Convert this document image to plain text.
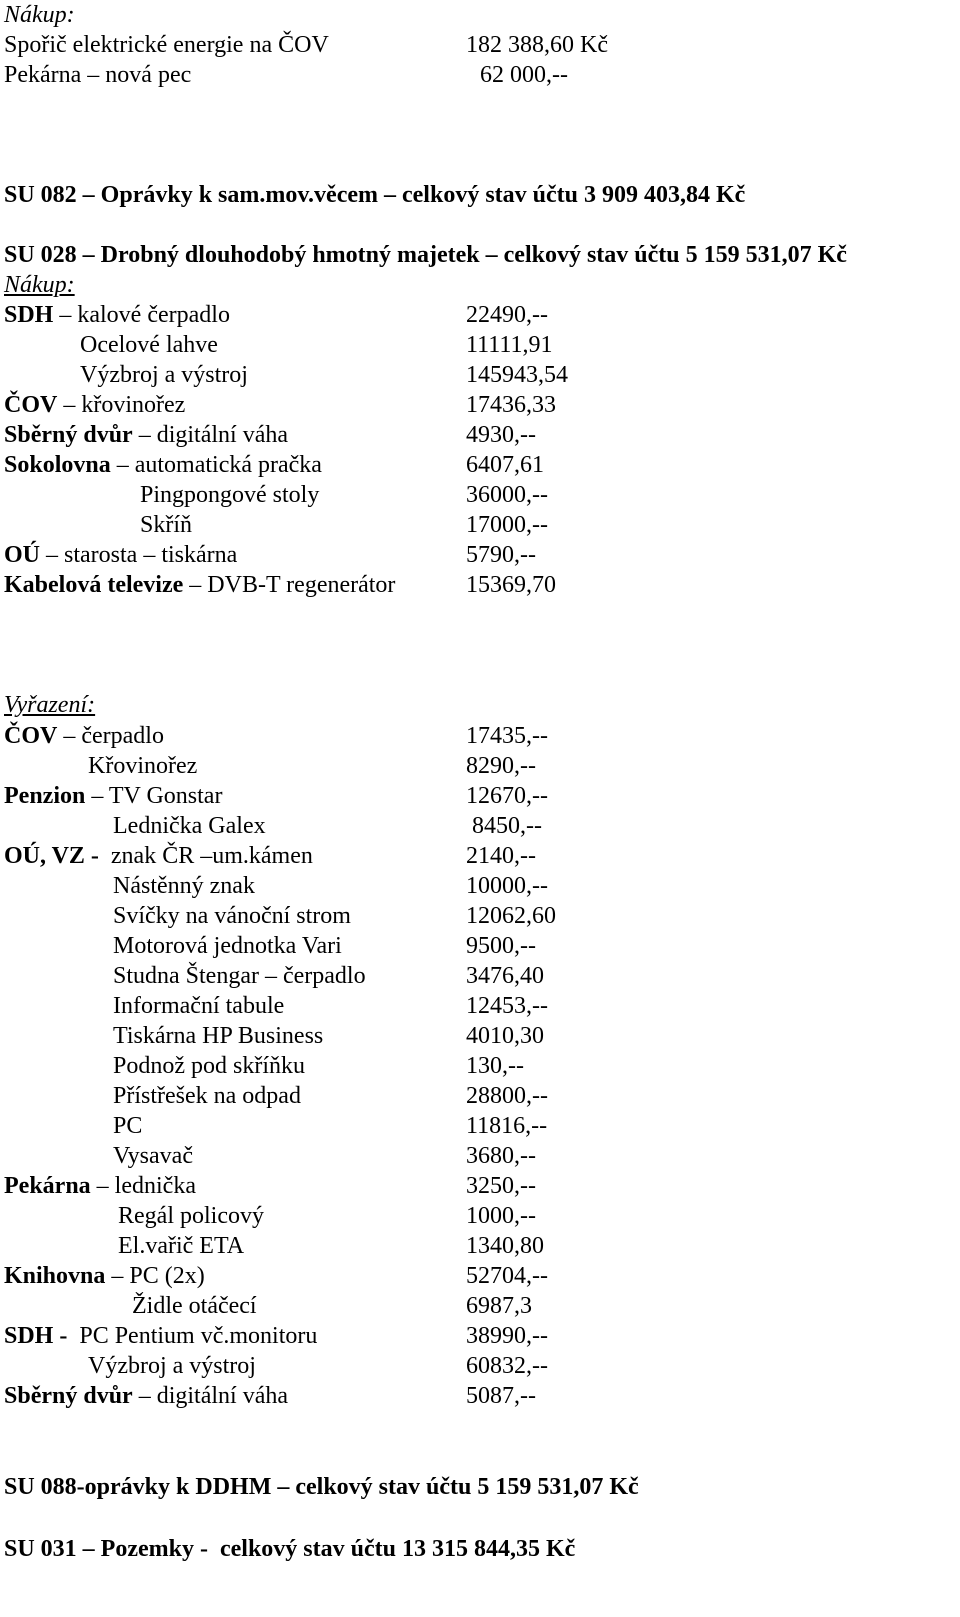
Nákup:
Spořič elektrické energie na ČOV	182 388,60 Kč
Pekárna – nová pec	62 000,--
SU 082 – Oprávky k sam.mov.věcem – celkový stav účtu 3 909 403,84 Kč
SU 028 – Drobný dlouhodobý hmotný majetek – celkový stav účtu 5 159 531,07 Kč
Nákup:
SDH – kalové čerpadlo	22490,--
Ocelové lahve	11111,91
Výzbroj a výstroj	145943,54
ČOV – křovinořez	17436,33
Sběrný dvůr – digitální váha	4930,--
Sokolovna – automatická pračka	6407,61
Pingpongové stoly	36000,--
Skříň	17000,--
OÚ – starosta – tiskárna	5790,--
Kabelová televize – DVB-T regenerátor	15369,70
Vyřazení:
ČOV – čerpadlo	17435,--
Křovinořez	8290,--
Penzion – TV Gonstar	12670,--
Lednička Galex	8450,--
OÚ, VZ -  znak ČR –um.kámen	2140,--
Nástěnný znak	10000,--
Svíčky na vánoční strom	12062,60
Motorová jednotka Vari	9500,--
Studna Štengar – čerpadlo	3476,40
Informační tabule	12453,--
Tiskárna HP Business	4010,30
Podnož pod skříňku	130,--
Přístřešek na odpad	28800,--
PC	11816,--
Vysavač	3680,--
Pekárna – lednička	3250,--
Regál policový	1000,--
El.vařič ETA	1340,80
Knihovna – PC (2x)	52704,--
Židle otáčecí	6987,3
SDH -  PC Pentium vč.monitoru	38990,--
Výzbroj a výstroj	60832,--
Sběrný dvůr – digitální váha	5087,--
SU 088-oprávky k DDHM – celkový stav účtu 5 159 531,07 Kč
SU 031 – Pozemky -  celkový stav účtu 13 315 844,35 Kč
